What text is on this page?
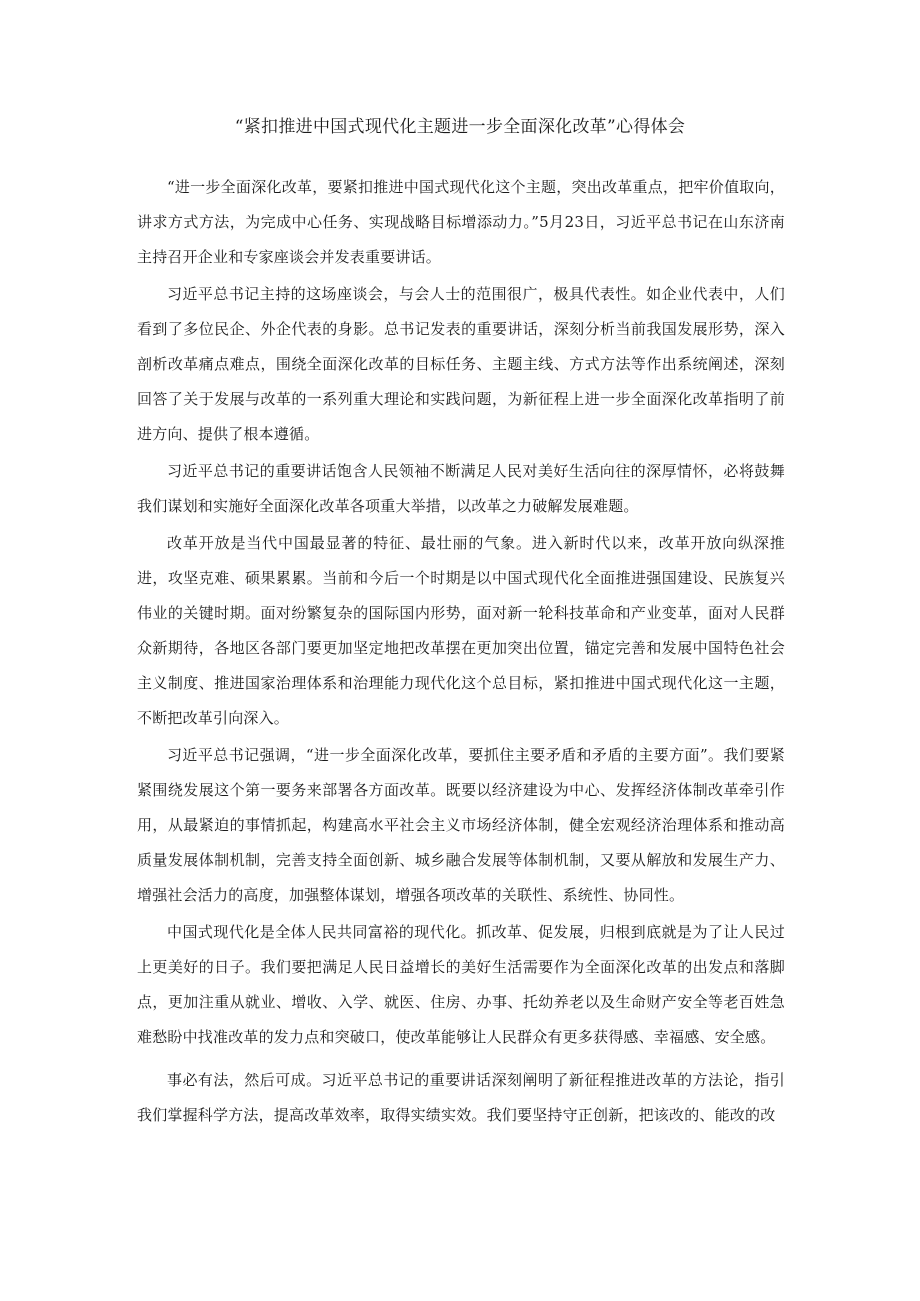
“紧扣推进中国式现代化主题进一步全面深化改革”心得体会

“进一步全面深化改革，要紧扣推进中国式现代化这个主题，突出改革重点，把牢价值取向，讲求方式方法，为完成中心任务、实现战略目标增添动力。”5月23日，习近平总书记在山东济南主持召开企业和专家座谈会并发表重要讲话。

习近平总书记主持的这场座谈会，与会人士的范围很广，极具代表性。如企业代表中，人们看到了多位民企、外企代表的身影。总书记发表的重要讲话，深刻分析当前我国发展形势，深入剖析改革痛点难点，围绕全面深化改革的目标任务、主题主线、方式方法等作出系统阐述，深刻回答了关于发展与改革的一系列重大理论和实践问题，为新征程上进一步全面深化改革指明了前进方向、提供了根本遵循。

习近平总书记的重要讲话饱含人民领袖不断满足人民对美好生活向往的深厚情怀，必将鼓舞我们谋划和实施好全面深化改革各项重大举措，以改革之力破解发展难题。

改革开放是当代中国最显著的特征、最壮丽的气象。进入新时代以来，改革开放向纵深推进，攻坚克难、硕果累累。当前和今后一个时期是以中国式现代化全面推进强国建设、民族复兴伟业的关键时期。面对纷繁复杂的国际国内形势，面对新一轮科技革命和产业变革，面对人民群众新期待，各地区各部门要更加坚定地把改革摆在更加突出位置，锚定完善和发展中国特色社会主义制度、推进国家治理体系和治理能力现代化这个总目标，紧扣推进中国式现代化这一主题，不断把改革引向深入。

习近平总书记强调，“进一步全面深化改革，要抓住主要矛盾和矛盾的主要方面”。我们要紧紧围绕发展这个第一要务来部署各方面改革。既要以经济建设为中心、发挥经济体制改革牵引作用，从最紧迫的事情抓起，构建高水平社会主义市场经济体制，健全宏观经济治理体系和推动高质量发展体制机制，完善支持全面创新、城乡融合发展等体制机制，又要从解放和发展生产力、增强社会活力的高度，加强整体谋划，增强各项改革的关联性、系统性、协同性。

中国式现代化是全体人民共同富裕的现代化。抓改革、促发展，归根到底就是为了让人民过上更美好的日子。我们要把满足人民日益增长的美好生活需要作为全面深化改革的出发点和落脚点，更加注重从就业、增收、入学、就医、住房、办事、托幼养老以及生命财产安全等老百姓急难愁盼中找准改革的发力点和突破口，使改革能够让人民群众有更多获得感、幸福感、安全感。

事必有法，然后可成。习近平总书记的重要讲话深刻阐明了新征程推进改革的方法论，指引我们掌握科学方法，提高改革效率，取得实绩实效。我们要坚持守正创新，把该改的、能改的改
